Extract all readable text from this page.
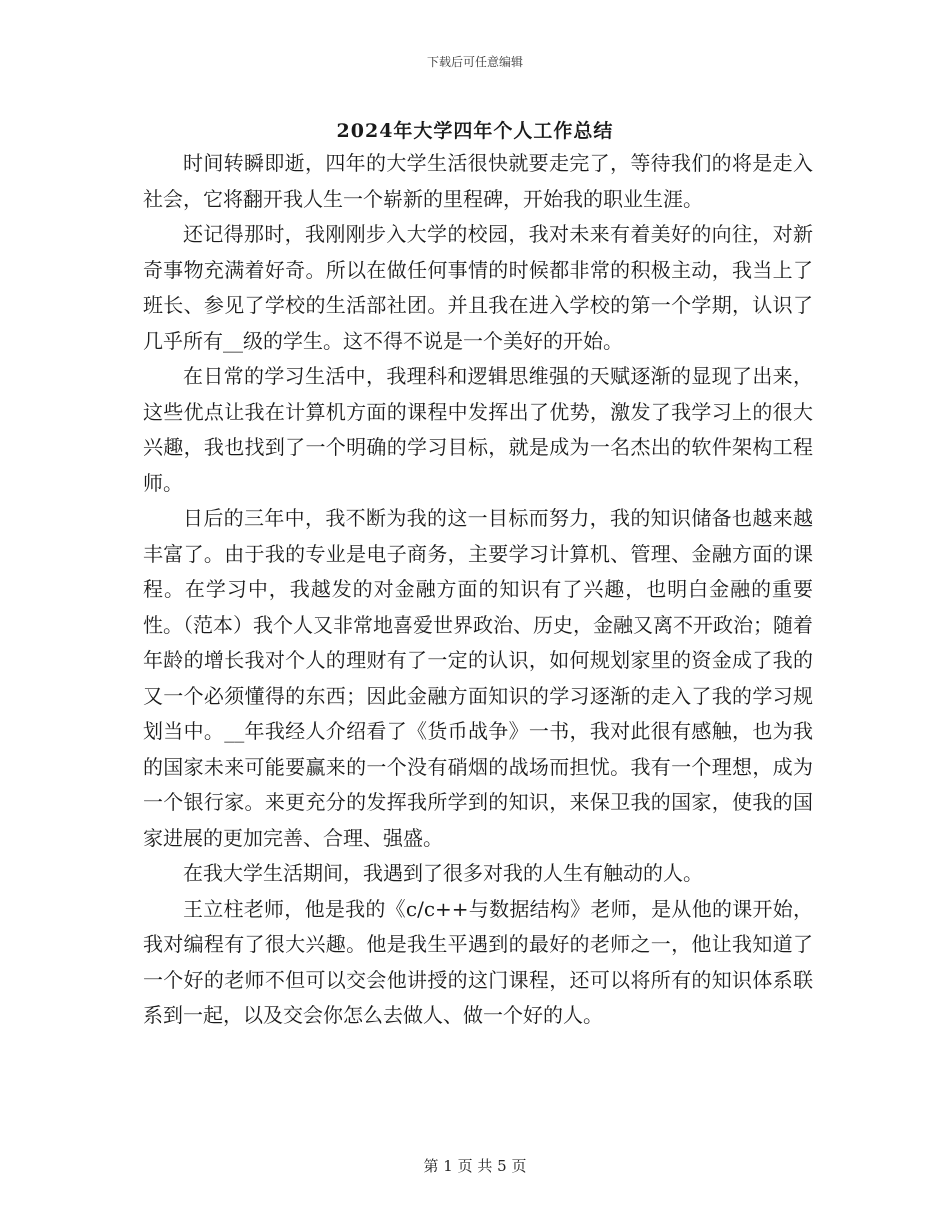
下载后可任意编辑
2024年大学四年个人工作总结

时间转瞬即逝，四年的大学生活很快就要走完了，等待我们的将是走入社会，它将翻开我人生一个崭新的里程碑，开始我的职业生涯。

还记得那时，我刚刚步入大学的校园，我对未来有着美好的向往，对新奇事物充满着好奇。所以在做任何事情的时候都非常的积极主动，我当上了班长、参见了学校的生活部社团。并且我在进入学校的第一个学期，认识了几乎所有__级的学生。这不得不说是一个美好的开始。

在日常的学习生活中，我理科和逻辑思维强的天赋逐渐的显现了出来，这些优点让我在计算机方面的课程中发挥出了优势，激发了我学习上的很大兴趣，我也找到了一个明确的学习目标，就是成为一名杰出的软件架构工程师。

日后的三年中，我不断为我的这一目标而努力，我的知识储备也越来越丰富了。由于我的专业是电子商务，主要学习计算机、管理、金融方面的课程。在学习中，我越发的对金融方面的知识有了兴趣，也明白金融的重要性。（范本）我个人又非常地喜爱世界政治、历史，金融又离不开政治；随着年龄的增长我对个人的理财有了一定的认识，如何规划家里的资金成了我的又一个必须懂得的东西；因此金融方面知识的学习逐渐的走入了我的学习规划当中。__年我经人介绍看了《货币战争》一书，我对此很有感触，也为我的国家未来可能要赢来的一个没有硝烟的战场而担忧。我有一个理想，成为一个银行家。来更充分的发挥我所学到的知识，来保卫我的国家，使我的国家进展的更加完善、合理、强盛。

在我大学生活期间，我遇到了很多对我的人生有触动的人。

王立柱老师，他是我的《c/c++与数据结构》老师，是从他的课开始，我对编程有了很大兴趣。他是我生平遇到的最好的老师之一，他让我知道了一个好的老师不但可以交会他讲授的这门课程，还可以将所有的知识体系联系到一起，以及交会你怎么去做人、做一个好的人。

第 1 页 共 5 页
